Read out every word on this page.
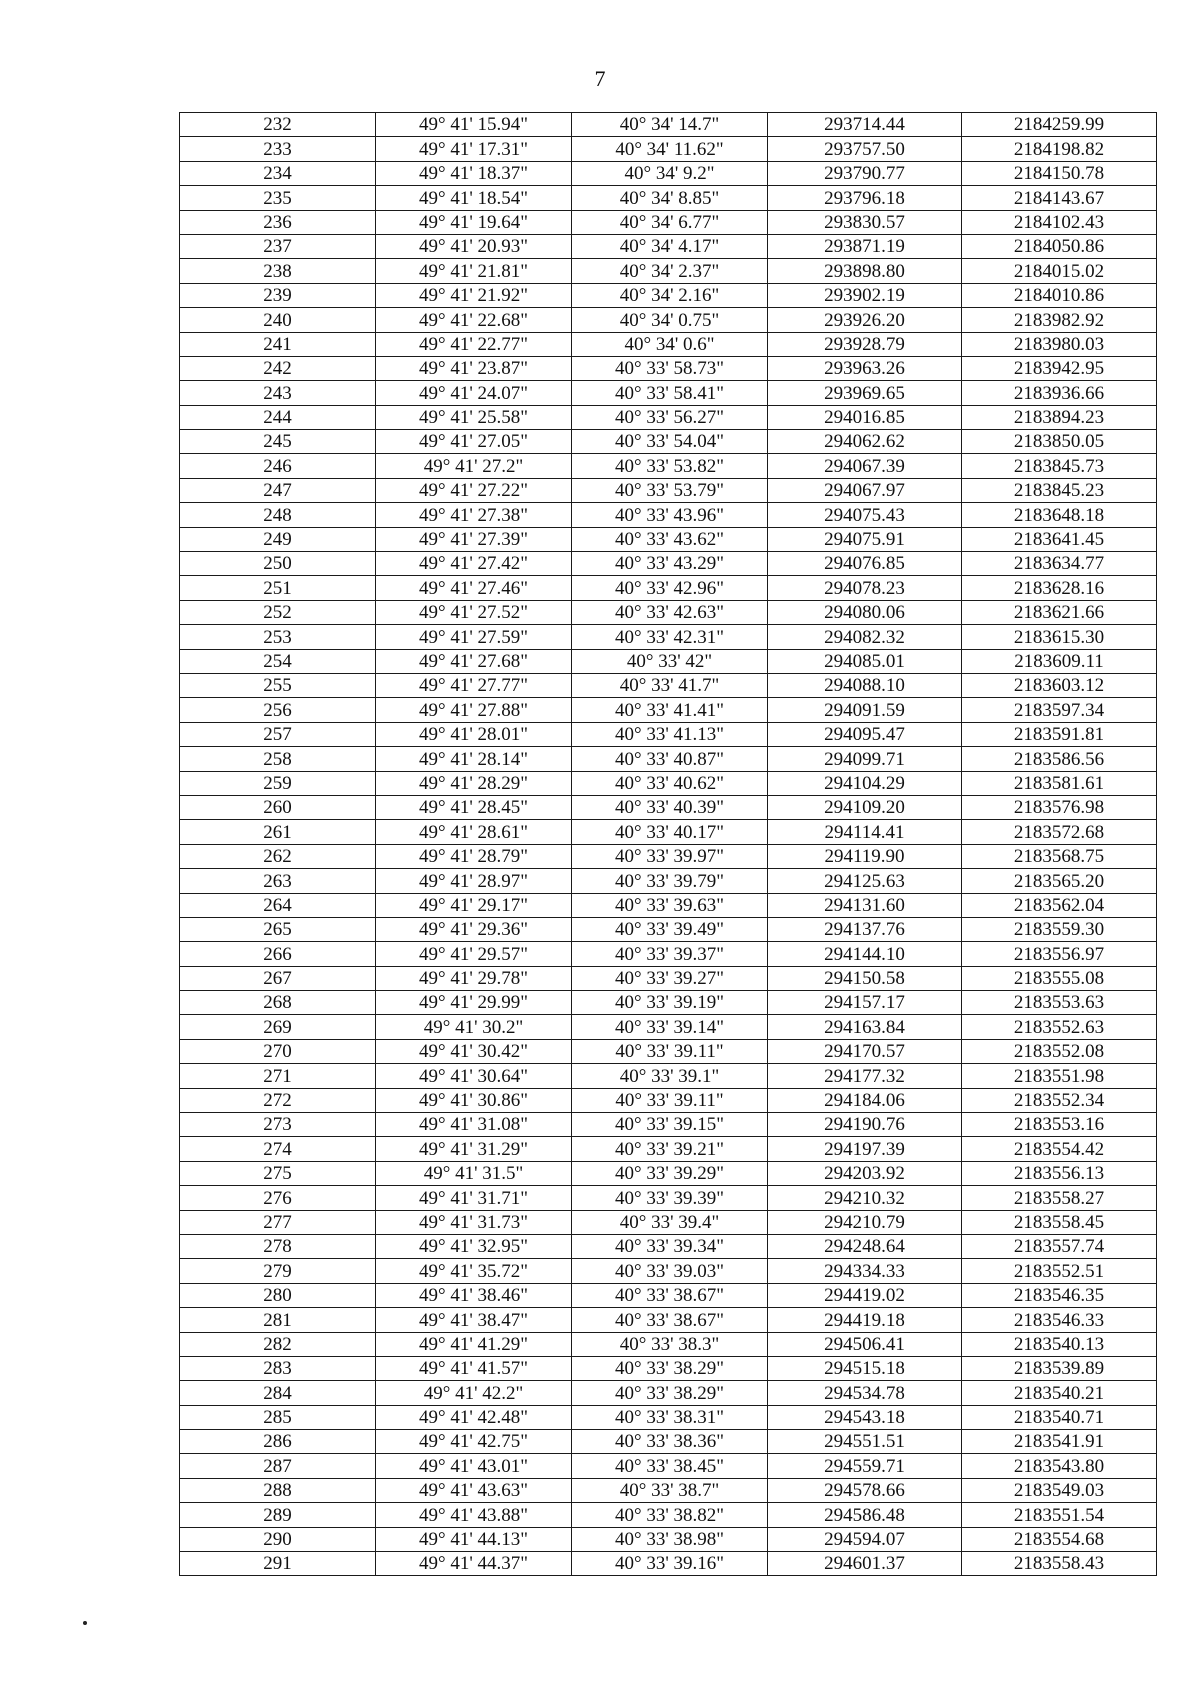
7
232	49° 41' 15.94"	40° 34' 14.7"	293714.44	2184259.99
233	49° 41' 17.31"	40° 34' 11.62"	293757.50	2184198.82
234	49° 41' 18.37"	40° 34' 9.2"	293790.77	2184150.78
235	49° 41' 18.54"	40° 34' 8.85"	293796.18	2184143.67
236	49° 41' 19.64"	40° 34' 6.77"	293830.57	2184102.43
237	49° 41' 20.93"	40° 34' 4.17"	293871.19	2184050.86
238	49° 41' 21.81"	40° 34' 2.37"	293898.80	2184015.02
239	49° 41' 21.92"	40° 34' 2.16"	293902.19	2184010.86
240	49° 41' 22.68"	40° 34' 0.75"	293926.20	2183982.92
241	49° 41' 22.77"	40° 34' 0.6"	293928.79	2183980.03
242	49° 41' 23.87"	40° 33' 58.73"	293963.26	2183942.95
243	49° 41' 24.07"	40° 33' 58.41"	293969.65	2183936.66
244	49° 41' 25.58"	40° 33' 56.27"	294016.85	2183894.23
245	49° 41' 27.05"	40° 33' 54.04"	294062.62	2183850.05
246	49° 41' 27.2"	40° 33' 53.82"	294067.39	2183845.73
247	49° 41' 27.22"	40° 33' 53.79"	294067.97	2183845.23
248	49° 41' 27.38"	40° 33' 43.96"	294075.43	2183648.18
249	49° 41' 27.39"	40° 33' 43.62"	294075.91	2183641.45
250	49° 41' 27.42"	40° 33' 43.29"	294076.85	2183634.77
251	49° 41' 27.46"	40° 33' 42.96"	294078.23	2183628.16
252	49° 41' 27.52"	40° 33' 42.63"	294080.06	2183621.66
253	49° 41' 27.59"	40° 33' 42.31"	294082.32	2183615.30
254	49° 41' 27.68"	40° 33' 42"	294085.01	2183609.11
255	49° 41' 27.77"	40° 33' 41.7"	294088.10	2183603.12
256	49° 41' 27.88"	40° 33' 41.41"	294091.59	2183597.34
257	49° 41' 28.01"	40° 33' 41.13"	294095.47	2183591.81
258	49° 41' 28.14"	40° 33' 40.87"	294099.71	2183586.56
259	49° 41' 28.29"	40° 33' 40.62"	294104.29	2183581.61
260	49° 41' 28.45"	40° 33' 40.39"	294109.20	2183576.98
261	49° 41' 28.61"	40° 33' 40.17"	294114.41	2183572.68
262	49° 41' 28.79"	40° 33' 39.97"	294119.90	2183568.75
263	49° 41' 28.97"	40° 33' 39.79"	294125.63	2183565.20
264	49° 41' 29.17"	40° 33' 39.63"	294131.60	2183562.04
265	49° 41' 29.36"	40° 33' 39.49"	294137.76	2183559.30
266	49° 41' 29.57"	40° 33' 39.37"	294144.10	2183556.97
267	49° 41' 29.78"	40° 33' 39.27"	294150.58	2183555.08
268	49° 41' 29.99"	40° 33' 39.19"	294157.17	2183553.63
269	49° 41' 30.2"	40° 33' 39.14"	294163.84	2183552.63
270	49° 41' 30.42"	40° 33' 39.11"	294170.57	2183552.08
271	49° 41' 30.64"	40° 33' 39.1"	294177.32	2183551.98
272	49° 41' 30.86"	40° 33' 39.11"	294184.06	2183552.34
273	49° 41' 31.08"	40° 33' 39.15"	294190.76	2183553.16
274	49° 41' 31.29"	40° 33' 39.21"	294197.39	2183554.42
275	49° 41' 31.5"	40° 33' 39.29"	294203.92	2183556.13
276	49° 41' 31.71"	40° 33' 39.39"	294210.32	2183558.27
277	49° 41' 31.73"	40° 33' 39.4"	294210.79	2183558.45
278	49° 41' 32.95"	40° 33' 39.34"	294248.64	2183557.74
279	49° 41' 35.72"	40° 33' 39.03"	294334.33	2183552.51
280	49° 41' 38.46"	40° 33' 38.67"	294419.02	2183546.35
281	49° 41' 38.47"	40° 33' 38.67"	294419.18	2183546.33
282	49° 41' 41.29"	40° 33' 38.3"	294506.41	2183540.13
283	49° 41' 41.57"	40° 33' 38.29"	294515.18	2183539.89
284	49° 41' 42.2"	40° 33' 38.29"	294534.78	2183540.21
285	49° 41' 42.48"	40° 33' 38.31"	294543.18	2183540.71
286	49° 41' 42.75"	40° 33' 38.36"	294551.51	2183541.91
287	49° 41' 43.01"	40° 33' 38.45"	294559.71	2183543.80
288	49° 41' 43.63"	40° 33' 38.7"	294578.66	2183549.03
289	49° 41' 43.88"	40° 33' 38.82"	294586.48	2183551.54
290	49° 41' 44.13"	40° 33' 38.98"	294594.07	2183554.68
291	49° 41' 44.37"	40° 33' 39.16"	294601.37	2183558.43
